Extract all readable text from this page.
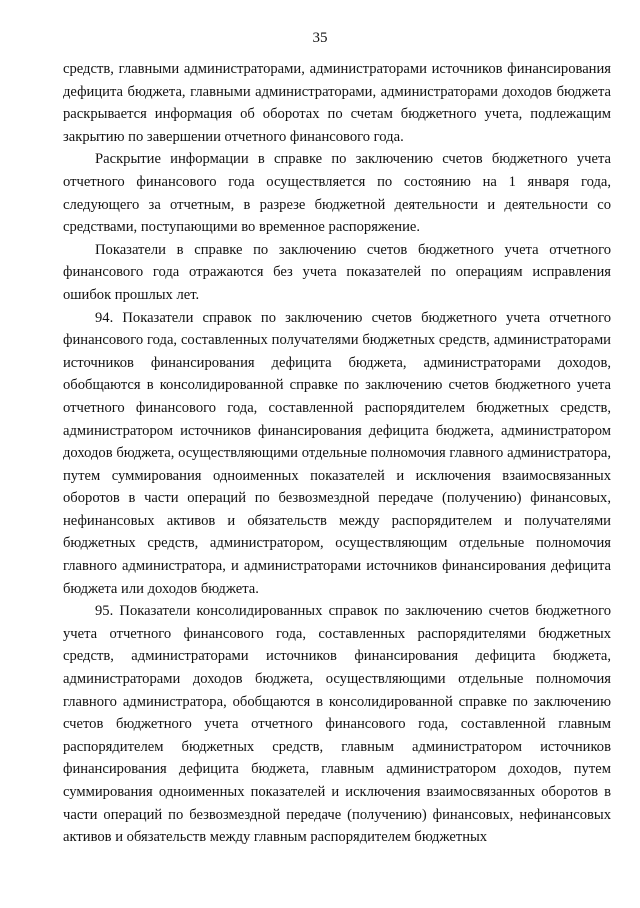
35

средств, главными администраторами, администраторами источников финансирования дефицита бюджета, главными администраторами, администраторами доходов бюджета раскрывается информация об оборотах по счетам бюджетного учета, подлежащим закрытию по завершении отчетного финансового года.

Раскрытие информации в справке по заключению счетов бюджетного учета отчетного финансового года осуществляется по состоянию на 1 января года, следующего за отчетным, в разрезе бюджетной деятельности и деятельности со средствами, поступающими во временное распоряжение.

Показатели в справке по заключению счетов бюджетного учета отчетного финансового года отражаются без учета показателей по операциям исправления ошибок прошлых лет.

94. Показатели справок по заключению счетов бюджетного учета отчетного финансового года, составленных получателями бюджетных средств, администраторами источников финансирования дефицита бюджета, администраторами доходов, обобщаются в консолидированной справке по заключению счетов бюджетного учета отчетного финансового года, составленной распорядителем бюджетных средств, администратором источников финансирования дефицита бюджета, администратором доходов бюджета, осуществляющими отдельные полномочия главного администратора, путем суммирования одноименных показателей и исключения взаимосвязанных оборотов в части операций по безвозмездной передаче (получению) финансовых, нефинансовых активов и обязательств между распорядителем и получателями бюджетных средств, администратором, осуществляющим отдельные полномочия главного администратора, и администраторами источников финансирования дефицита бюджета или доходов бюджета.

95. Показатели консолидированных справок по заключению счетов бюджетного учета отчетного финансового года, составленных распорядителями бюджетных средств, администраторами источников финансирования дефицита бюджета, администраторами доходов бюджета, осуществляющими отдельные полномочия главного администратора, обобщаются в консолидированной справке по заключению счетов бюджетного учета отчетного финансового года, составленной главным распорядителем бюджетных средств, главным администратором источников финансирования дефицита бюджета, главным администратором доходов, путем суммирования одноименных показателей и исключения взаимосвязанных оборотов в части операций по безвозмездной передаче (получению) финансовых, нефинансовых активов и обязательств между главным распорядителем бюджетных
